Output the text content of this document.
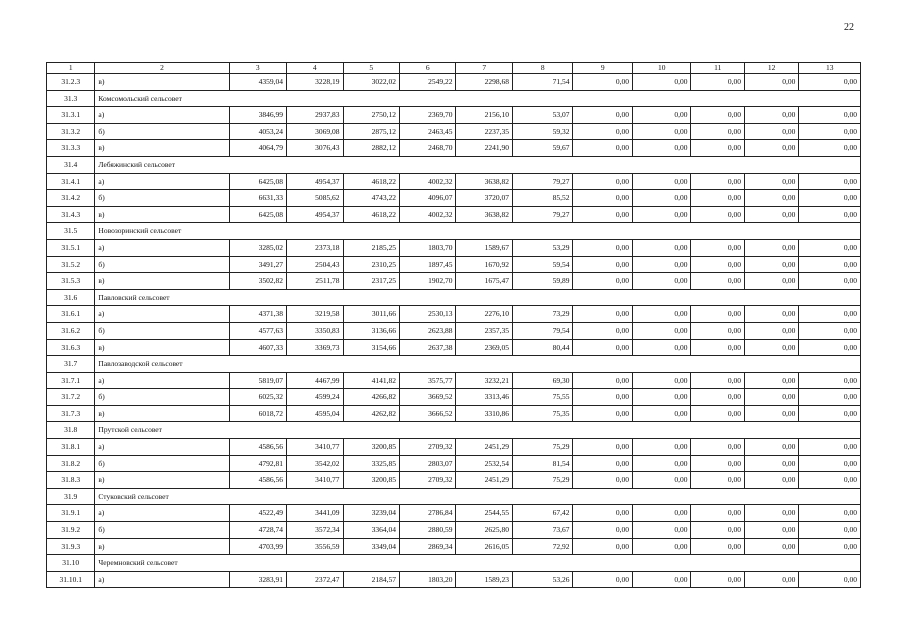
22
1	2	3	4	5	6	7	8	9	10	11	12	13
31.2.3	в)	4359,04	3228,19	3022,02	2549,22	2298,68	71,54	0,00	0,00	0,00	0,00	0,00
31.3	Комсомольский сельсовет											
31.3.1	а)	3846,99	2937,83	2750,12	2369,70	2156,10	53,07	0,00	0,00	0,00	0,00	0,00
31.3.2	б)	4053,24	3069,08	2875,12	2463,45	2237,35	59,32	0,00	0,00	0,00	0,00	0,00
31.3.3	в)	4064,79	3076,43	2882,12	2468,70	2241,90	59,67	0,00	0,00	0,00	0,00	0,00
31.4	Лебяжинский сельсовет											
31.4.1	а)	6425,08	4954,37	4618,22	4002,32	3638,82	79,27	0,00	0,00	0,00	0,00	0,00
31.4.2	б)	6631,33	5085,62	4743,22	4096,07	3720,07	85,52	0,00	0,00	0,00	0,00	0,00
31.4.3	в)	6425,08	4954,37	4618,22	4002,32	3638,82	79,27	0,00	0,00	0,00	0,00	0,00
31.5	Новозоринский сельсовет											
31.5.1	а)	3285,02	2373,18	2185,25	1803,70	1589,67	53,29	0,00	0,00	0,00	0,00	0,00
31.5.2	б)	3491,27	2504,43	2310,25	1897,45	1670,92	59,54	0,00	0,00	0,00	0,00	0,00
31.5.3	в)	3502,82	2511,78	2317,25	1902,70	1675,47	59,89	0,00	0,00	0,00	0,00	0,00
31.6	Павловский сельсовет											
31.6.1	а)	4371,38	3219,58	3011,66	2530,13	2276,10	73,29	0,00	0,00	0,00	0,00	0,00
31.6.2	б)	4577,63	3350,83	3136,66	2623,88	2357,35	79,54	0,00	0,00	0,00	0,00	0,00
31.6.3	в)	4607,33	3369,73	3154,66	2637,38	2369,05	80,44	0,00	0,00	0,00	0,00	0,00
31.7	Павлозаводской сельсовет											
31.7.1	а)	5819,07	4467,99	4141,82	3575,77	3232,21	69,30	0,00	0,00	0,00	0,00	0,00
31.7.2	б)	6025,32	4599,24	4266,82	3669,52	3313,46	75,55	0,00	0,00	0,00	0,00	0,00
31.7.3	в)	6018,72	4595,04	4262,82	3666,52	3310,86	75,35	0,00	0,00	0,00	0,00	0,00
31.8	Прутской сельсовет											
31.8.1	а)	4586,56	3410,77	3200,85	2709,32	2451,29	75,29	0,00	0,00	0,00	0,00	0,00
31.8.2	б)	4792,81	3542,02	3325,85	2803,07	2532,54	81,54	0,00	0,00	0,00	0,00	0,00
31.8.3	в)	4586,56	3410,77	3200,85	2709,32	2451,29	75,29	0,00	0,00	0,00	0,00	0,00
31.9	Стуковский сельсовет											
31.9.1	а)	4522,49	3441,09	3239,04	2786,84	2544,55	67,42	0,00	0,00	0,00	0,00	0,00
31.9.2	б)	4728,74	3572,34	3364,04	2880,59	2625,80	73,67	0,00	0,00	0,00	0,00	0,00
31.9.3	в)	4703,99	3556,59	3349,04	2869,34	2616,05	72,92	0,00	0,00	0,00	0,00	0,00
31.10	Черемновский сельсовет											
31.10.1	а)	3283,91	2372,47	2184,57	1803,20	1589,23	53,26	0,00	0,00	0,00	0,00	0,00
